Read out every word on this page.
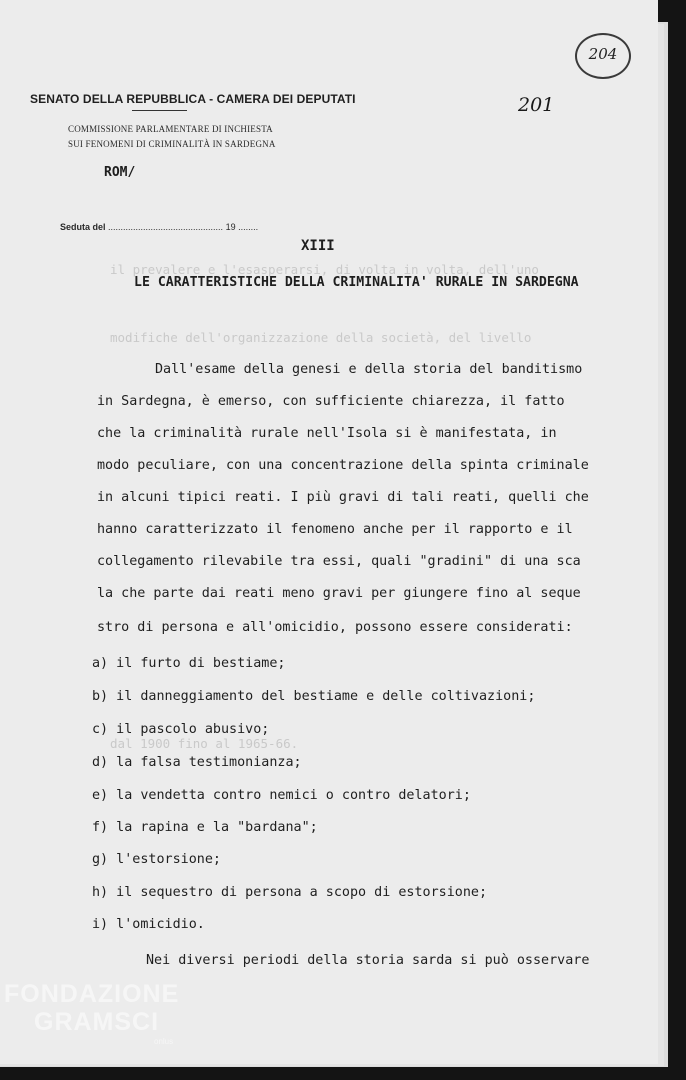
il prevalere e l'esasperarsi, di volta in volta, dell'uno
modifiche dell'organizzazione della società, del livello
dal 1900 fino al 1965-66.
SENATO DELLA REPUBBLICA - CAMERA DEI DEPUTATI
COMMISSIONE PARLAMENTARE DI INCHIESTA
SUI FENOMENI DI CRIMINALITÀ IN SARDEGNA
ROM/
Seduta del .............................................. 19 ........
201
204
XIII
LE CARATTERISTICHE DELLA CRIMINALITA' RURALE IN SARDEGNA
Dall'esame della genesi e della storia del banditismo
in Sardegna, è emerso, con sufficiente chiarezza, il fatto
che la criminalità rurale nell'Isola si è manifestata, in
modo peculiare, con una concentrazione della spinta criminale
in alcuni tipici reati. I più gravi di tali reati, quelli che
hanno caratterizzato il fenomeno anche per il rapporto e il
collegamento rilevabile tra essi, quali "gradini" di una sca
la che parte dai reati meno gravi per giungere fino al seque
stro di persona e all'omicidio, possono essere considerati:
a) il furto di bestiame;
b) il danneggiamento del bestiame e delle coltivazioni;
c) il pascolo abusivo;
d) la falsa testimonianza;
e) la vendetta contro nemici o contro delatori;
f) la rapina e la "bardana";
g) l'estorsione;
h) il sequestro di persona a scopo di estorsione;
i) l'omicidio.
Nei diversi periodi della storia sarda si può osservare
FONDAZIONE
GRAMSCI
onlus
